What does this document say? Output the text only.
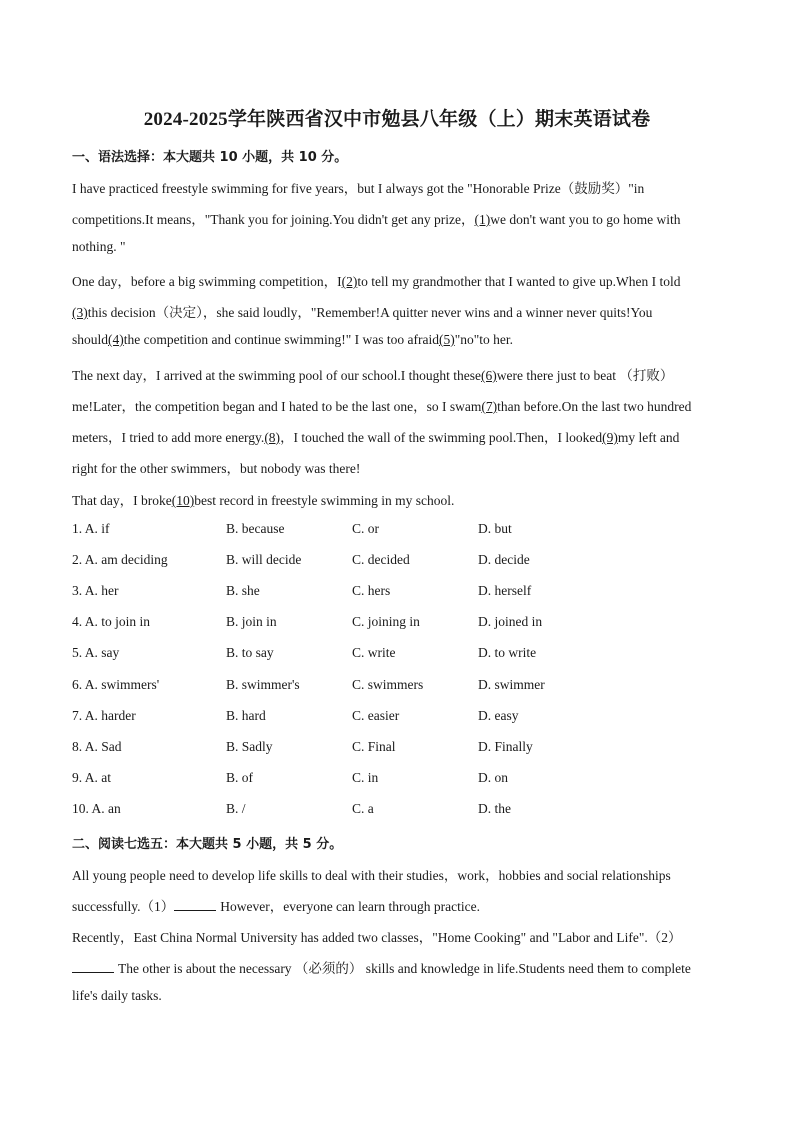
2024-2025学年陕西省汉中市勉县八年级（上）期末英语试卷
一、语法选择：本大题共 10 小题，共 10 分。
I have practiced freestyle swimming for five years，but I always got the "Honorable Prize（鼓励奖）"in
competitions.It means，"Thank you for joining.You didn't get any prize，(1)we don't want you to go home with
nothing. "
One day，before a big swimming competition，I(2)to tell my grandmother that I wanted to give up.When I told
(3)this decision（决定），she said loudly，"Remember!A quitter never wins and a winner never quits!You
should(4)the competition and continue swimming!" I was too afraid(5)"no"to her.
The next day，I arrived at the swimming pool of our school.I thought these(6)were there just to beat （打败）
me!Later，the competition began and I hated to be the last one，so I swam(7)than before.On the last two hundred
meters，I tried to add more energy.(8)，I touched the wall of the swimming pool.Then，I looked(9)my left and
right for the other swimmers，but nobody was there!
That day，I broke(10)best record in freestyle swimming in my school.
1. A. if	B. because	C. or	D. but
2. A. am deciding	B. will decide	C. decided	D. decide
3. A. her	B. she	C. hers	D. herself
4. A. to join in	B. join in	C. joining in	D. joined in
5. A. say	B. to say	C. write	D. to write
6. A. swimmers'	B. swimmer's	C. swimmers	D. swimmer
7. A. harder	B. hard	C. easier	D. easy
8. A. Sad	B. Sadly	C. Final	D. Finally
9. A. at	B. of	C. in	D. on
10. A. an	B. /	C. a	D. the
二、阅读七选五：本大题共 5 小题，共 5 分。
All young people need to develop life skills to deal with their studies，work，hobbies and social relationships
successfully.（1）	However，everyone can learn through practice.
Recently，East China Normal University has added two classes，"Home Cooking" and "Labor and Life".（2）
The other is about the necessary （必须的） skills and knowledge in life.Students need them to complete
life's daily tasks.
